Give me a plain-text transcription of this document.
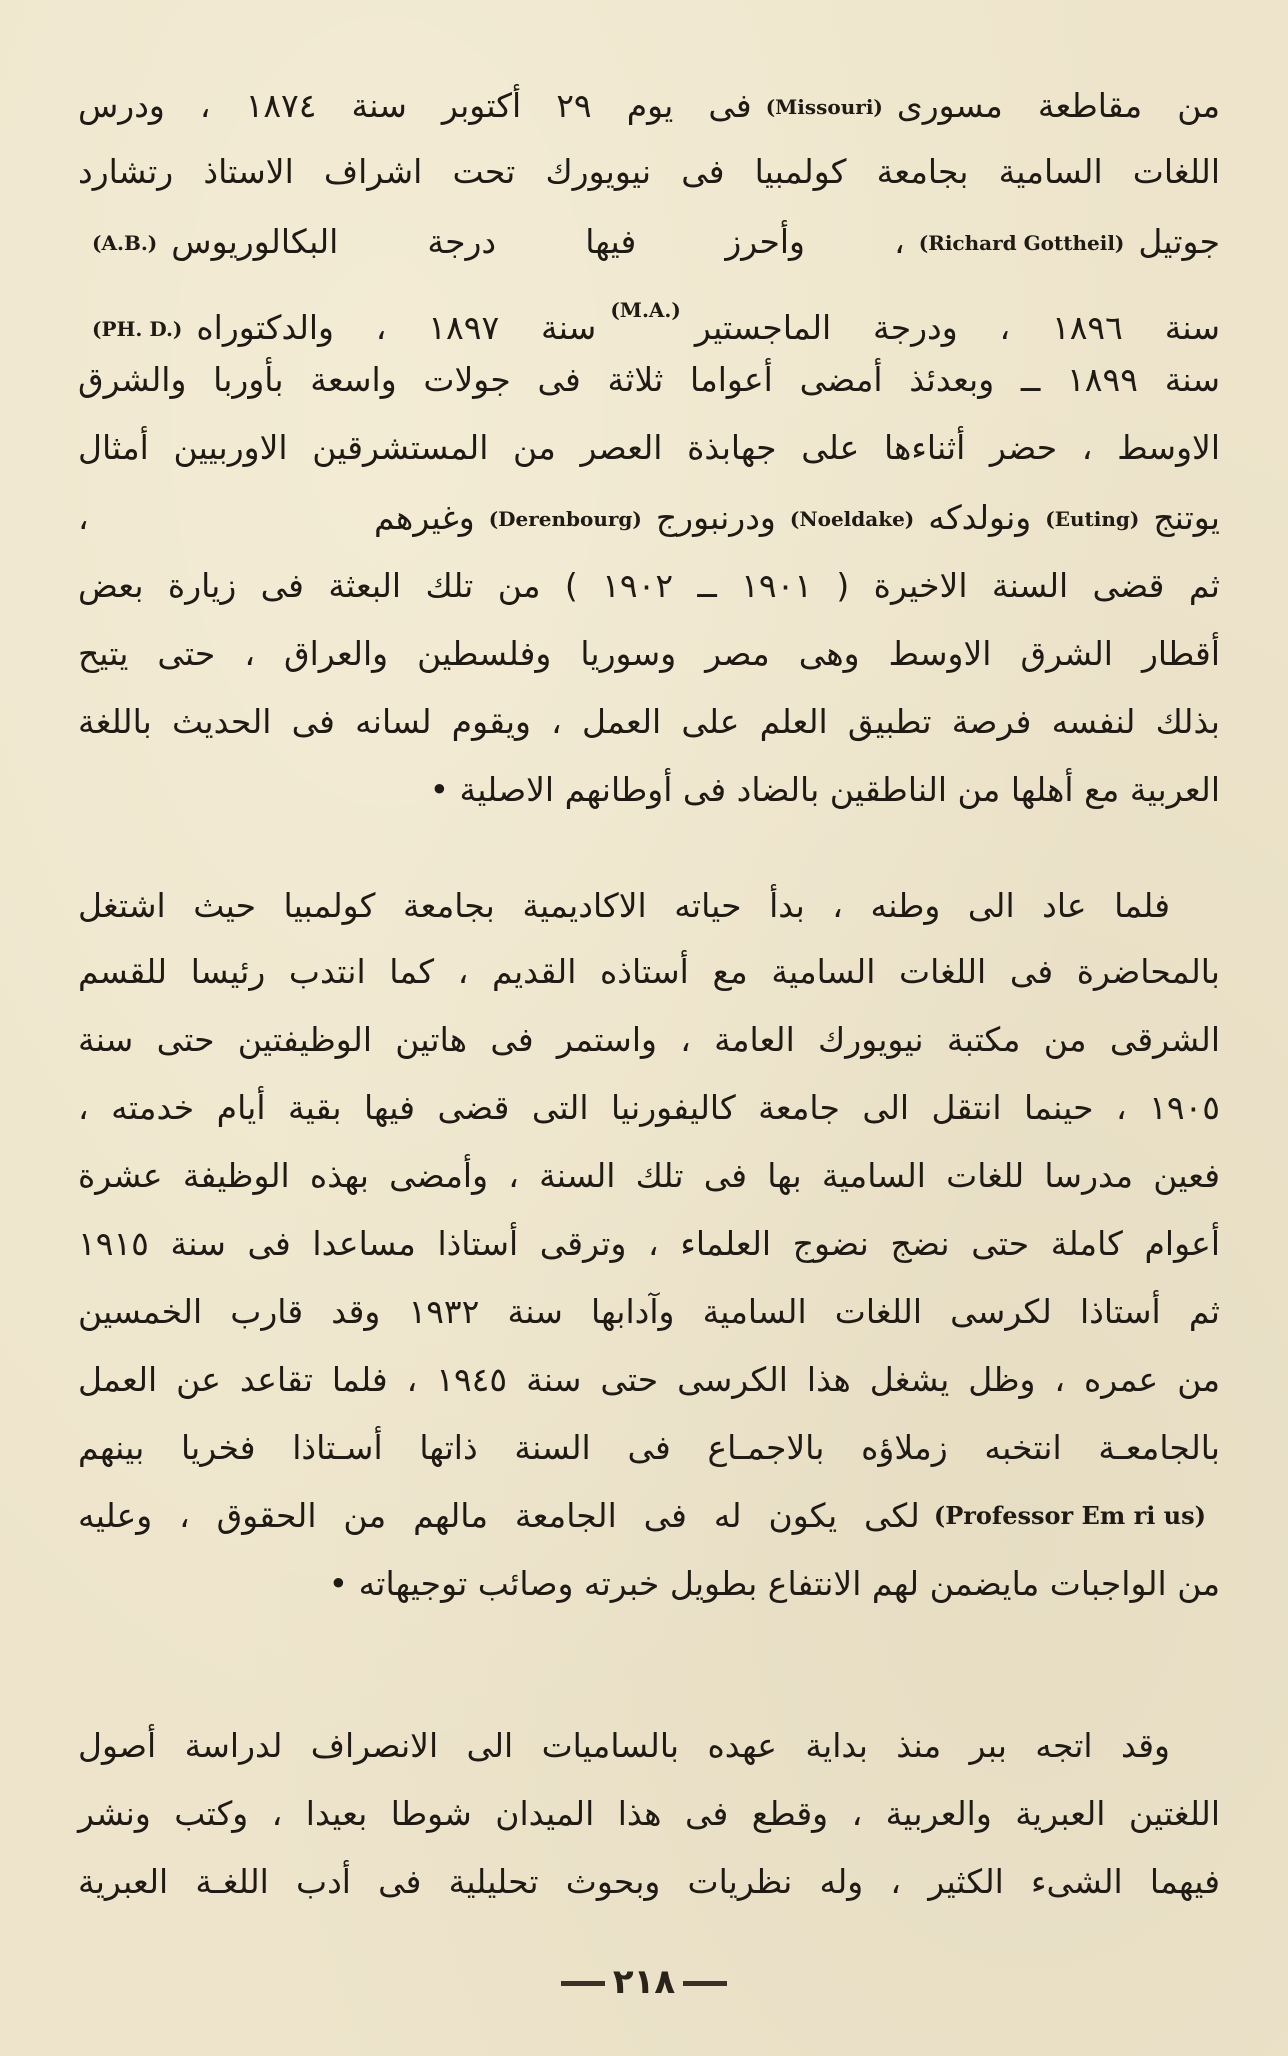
من مقاطعة مسورى(Missouri)فى يوم ٢٩ أكتوبر سنة ١٨٧٤ ، ودرس
اللغات السامية بجامعة كولمبيا فى نيويورك تحت اشراف الاستاذ رتشارد
جوتيل(Richard Gottheil)، وأحرز فيها درجة البكالوريوس(A.B.)
سنة ١٨٩٦ ، ودرجة الماجستير(M.A.)سنة ١٨٩٧ ، والدكتوراه(PH. D.)
سنة ١٨٩٩ ــ وبعدئذ أمضى أعواما ثلاثة فى جولات واسعة بأوربا والشرق
الاوسط ، حضر أثناءها على جهابذة العصر من المستشرقين الاوربيين أمثال
يوتنج(Euting)ونولدكه(Noeldake)ودرنبورج(Derenbourg)وغيرهم ،
ثم قضى السنة الاخيرة ( ١٩٠١ ــ ١٩٠٢ ) من تلك البعثة فى زيارة بعض
أقطار الشرق الاوسط وهى مصر وسوريا وفلسطين والعراق ، حتى يتيح
بذلك لنفسه فرصة تطبيق العلم على العمل ، ويقوم لسانه فى الحديث باللغة
العربية مع أهلها من الناطقين بالضاد فى أوطانهم الاصلية •
فلما عاد الى وطنه ، بدأ حياته الاكاديمية بجامعة كولمبيا حيث اشتغل
بالمحاضرة فى اللغات السامية مع أستاذه القديم ، كما انتدب رئيسا للقسم
الشرقى من مكتبة نيويورك العامة ، واستمر فى هاتين الوظيفتين حتى سنة
١٩٠٥ ، حينما انتقل الى جامعة كاليفورنيا التى قضى فيها بقية أيام خدمته ،
فعين مدرسا للغات السامية بها فى تلك السنة ، وأمضى بهذه الوظيفة عشرة
أعوام كاملة حتى نضج نضوج العلماء ، وترقى أستاذا مساعدا فى سنة ١٩١٥
ثم أستاذا لكرسى اللغات السامية وآدابها سنة ١٩٣٢ وقد قارب الخمسين
من عمره ، وظل يشغل هذا الكرسى حتى سنة ١٩٤٥ ، فلما تقاعد عن العمل
بالجامعـة انتخبه زملاؤه بالاجمـاع فى السنة ذاتها أسـتاذا فخريا بينهم
(Professor Em ri us)لكى يكون له فى الجامعة مالهم من الحقوق ، وعليه
من الواجبات مايضمن لهم الانتفاع بطويل خبرته وصائب توجيهاته •
وقد اتجه ببر منذ بداية عهده بالساميات الى الانصراف لدراسة أصول
اللغتين العبرية والعربية ، وقطع فى هذا الميدان شوطا بعيدا ، وكتب ونشر
فيهما الشىء الكثير ، وله نظريات وبحوث تحليلية فى أدب اللغـة العبرية
٢١٨
